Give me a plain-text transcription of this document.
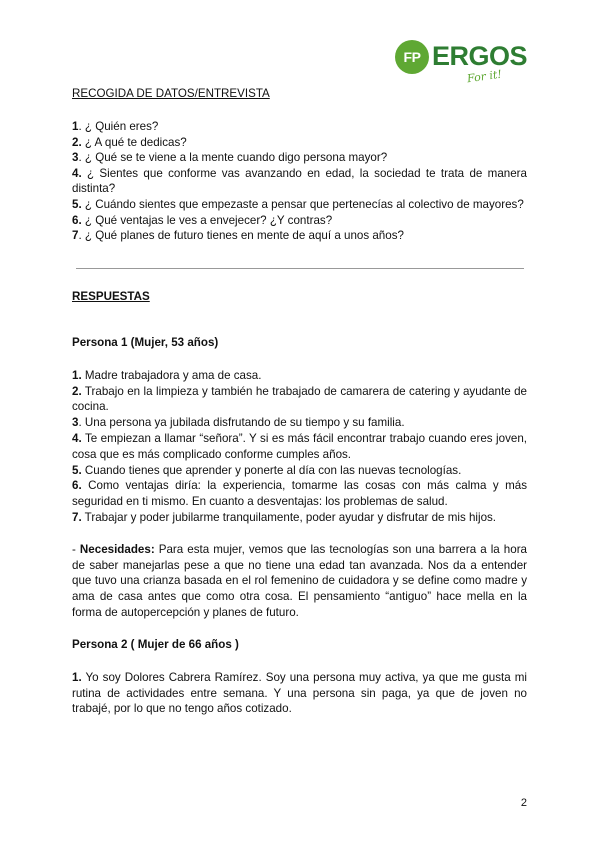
FP ERGOS
For it!

RECOGIDA DE DATOS/ENTREVISTA

1. ¿ Quién eres?

2. ¿ A qué te dedicas?

3. ¿ Qué se te viene a la mente cuando digo persona mayor?

4. ¿ Sientes que conforme vas avanzando en edad, la sociedad te trata de manera distinta?

5. ¿ Cuándo sientes que empezaste a pensar que pertenecías al colectivo de mayores?

6. ¿ Qué ventajas le ves a envejecer? ¿Y contras?

7. ¿ Qué planes de futuro tienes en mente de aquí a unos años?

RESPUESTAS

Persona 1 (Mujer, 53 años)

1. Madre trabajadora y ama de casa.

2. Trabajo en la limpieza y también he trabajado de camarera de catering y ayudante de cocina.

3. Una persona ya jubilada disfrutando de su tiempo y su familia.

4. Te empiezan a llamar “señora”. Y si es más fácil encontrar trabajo cuando eres joven, cosa que es más complicado conforme cumples años.

5. Cuando tienes que aprender y ponerte al día con las nuevas tecnologías.

6. Como ventajas diría: la experiencia, tomarme las cosas con más calma y más seguridad en ti mismo. En cuanto a desventajas: los problemas de salud.

7. Trabajar y poder jubilarme tranquilamente, poder ayudar y disfrutar de mis hijos.

- Necesidades: Para esta mujer, vemos que las tecnologías son una barrera a la hora de saber manejarlas pese a que no tiene una edad tan avanzada. Nos da a entender que tuvo una crianza basada en el rol femenino de cuidadora y se define como madre y ama de casa antes que como otra cosa. El pensamiento “antiguo” hace mella en la forma de autopercepción y planes de futuro.

Persona 2 ( Mujer de 66 años )

1. Yo soy Dolores Cabrera Ramírez. Soy una persona muy activa, ya que me gusta mi rutina de actividades entre semana. Y una persona sin paga, ya que de joven no trabajé, por lo que no tengo años cotizado.

2
